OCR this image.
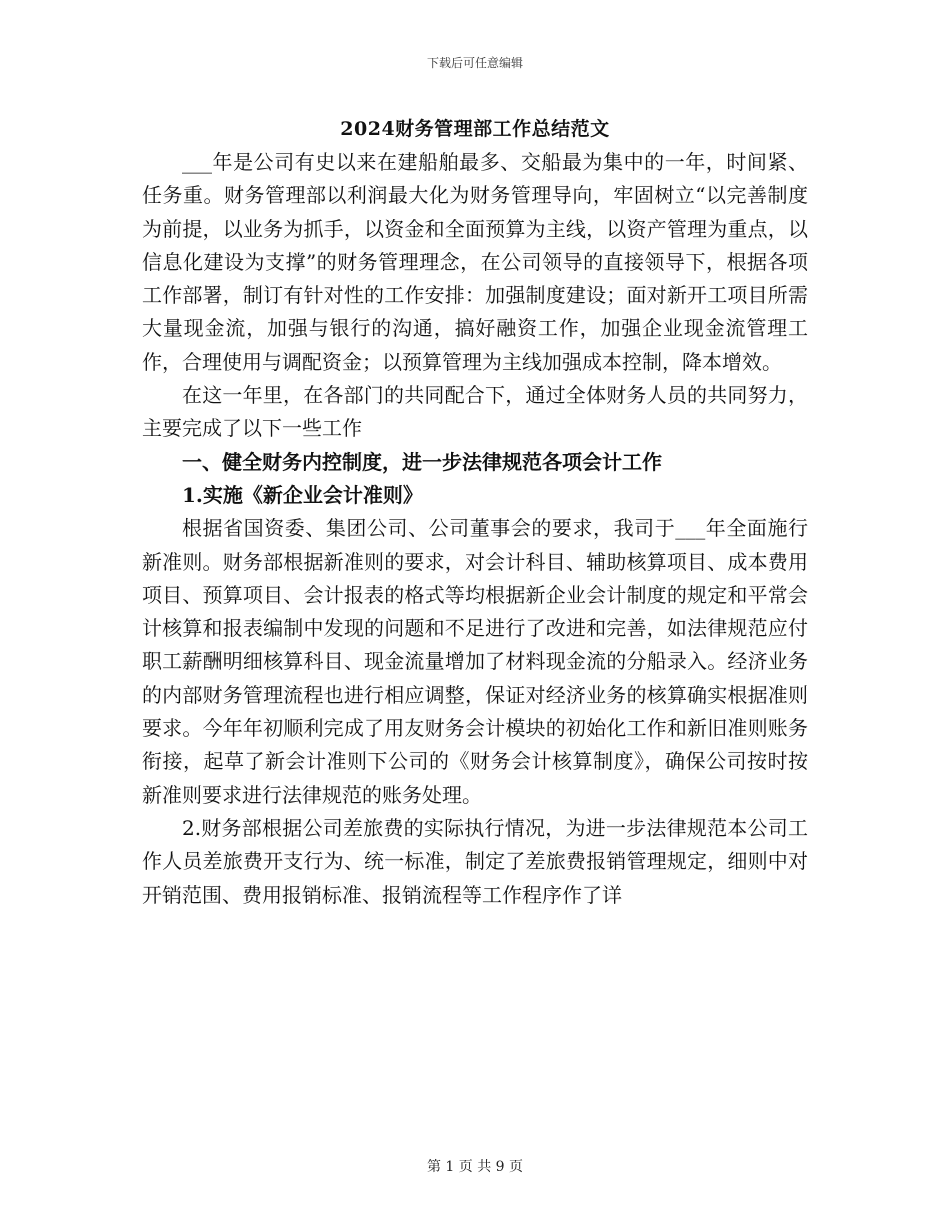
下载后可任意编辑
2024财务管理部工作总结范文

___年是公司有史以来在建船舶最多、交船最为集中的一年，时间紧、任务重。财务管理部以利润最大化为财务管理导向，牢固树立“以完善制度为前提，以业务为抓手，以资金和全面预算为主线，以资产管理为重点，以信息化建设为支撑”的财务管理理念，在公司领导的直接领导下，根据各项工作部署，制订有针对性的工作安排：加强制度建设；面对新开工项目所需大量现金流，加强与银行的沟通，搞好融资工作，加强企业现金流管理工作，合理使用与调配资金；以预算管理为主线加强成本控制，降本增效。

在这一年里，在各部门的共同配合下，通过全体财务人员的共同努力，主要完成了以下一些工作

一、健全财务内控制度，进一步法律规范各项会计工作

1.实施《新企业会计准则》

根据省国资委、集团公司、公司董事会的要求，我司于___年全面施行新准则。财务部根据新准则的要求，对会计科目、辅助核算项目、成本费用项目、预算项目、会计报表的格式等均根据新企业会计制度的规定和平常会计核算和报表编制中发现的问题和不足进行了改进和完善，如法律规范应付职工薪酬明细核算科目、现金流量增加了材料现金流的分船录入。经济业务的内部财务管理流程也进行相应调整，保证对经济业务的核算确实根据准则要求。今年年初顺利完成了用友财务会计模块的初始化工作和新旧准则账务衔接，起草了新会计准则下公司的《财务会计核算制度》，确保公司按时按新准则要求进行法律规范的账务处理。

2.财务部根据公司差旅费的实际执行情况，为进一步法律规范本公司工作人员差旅费开支行为、统一标准，制定了差旅费报销管理规定，细则中对开销范围、费用报销标准、报销流程等工作程序作了详

第 1 页 共 9 页
